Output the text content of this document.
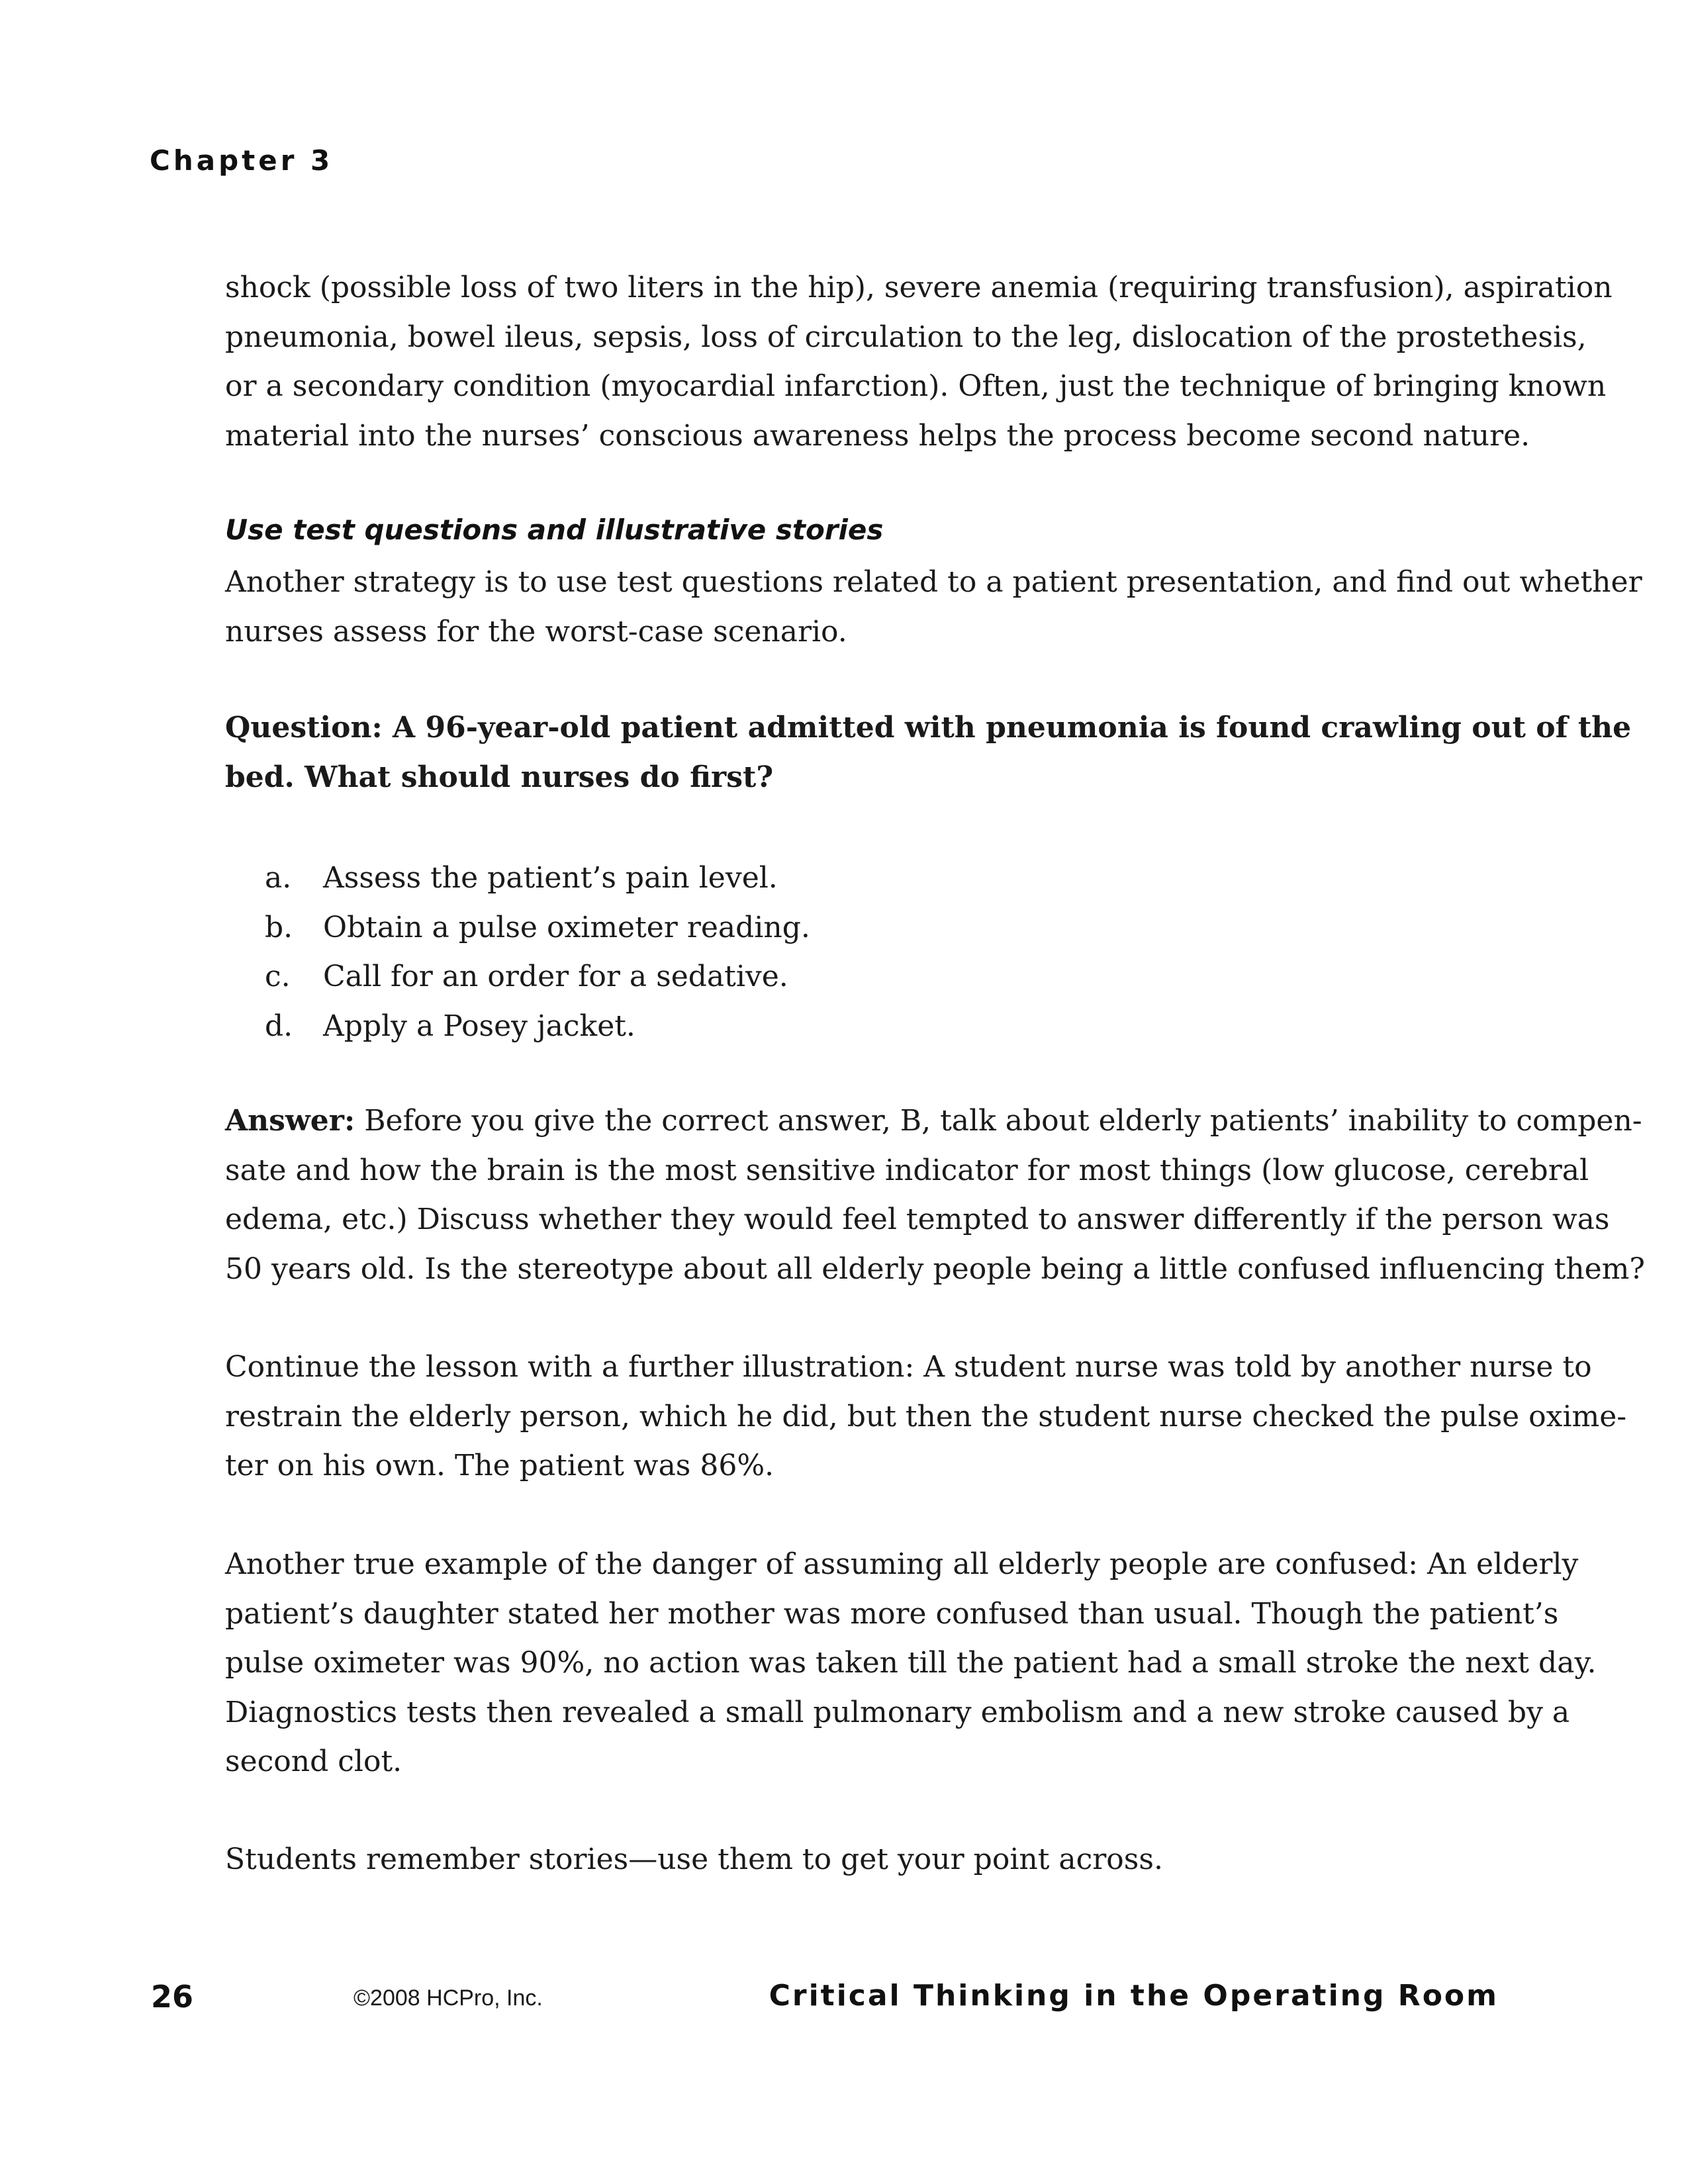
Chapter 3

shock (possible loss of two liters in the hip), severe anemia (requiring transfusion), aspiration
pneumonia, bowel ileus, sepsis, loss of circulation to the leg, dislocation of the prostethesis,
or a secondary condition (myocardial infarction). Often, just the technique of bringing known
material into the nurses’ conscious awareness helps the process become second nature.

Use test questions and illustrative stories

Another strategy is to use test questions related to a patient presentation, and find out whether
nurses assess for the worst-case scenario.

Question: A 96-year-old patient admitted with pneumonia is found crawling out of the
bed. What should nurses do first?

a.	Assess the patient’s pain level.
b.	Obtain a pulse oximeter reading.
c.	Call for an order for a sedative.
d.	Apply a Posey jacket.

Answer: Before you give the correct answer, B, talk about elderly patients’ inability to compen-
sate and how the brain is the most sensitive indicator for most things (low glucose, cerebral
edema, etc.) Discuss whether they would feel tempted to answer differently if the person was
50 years old. Is the stereotype about all elderly people being a little confused influencing them?

Continue the lesson with a further illustration: A student nurse was told by another nurse to
restrain the elderly person, which he did, but then the student nurse checked the pulse oxime-
ter on his own. The patient was 86%.

Another true example of the danger of assuming all elderly people are confused: An elderly
patient’s daughter stated her mother was more confused than usual. Though the patient’s
pulse oximeter was 90%, no action was taken till the patient had a small stroke the next day.
Diagnostics tests then revealed a small pulmonary embolism and a new stroke caused by a
second clot.

Students remember stories—use them to get your point across.

26	©2008 HCPro, Inc.	Critical Thinking in the Operating Room
